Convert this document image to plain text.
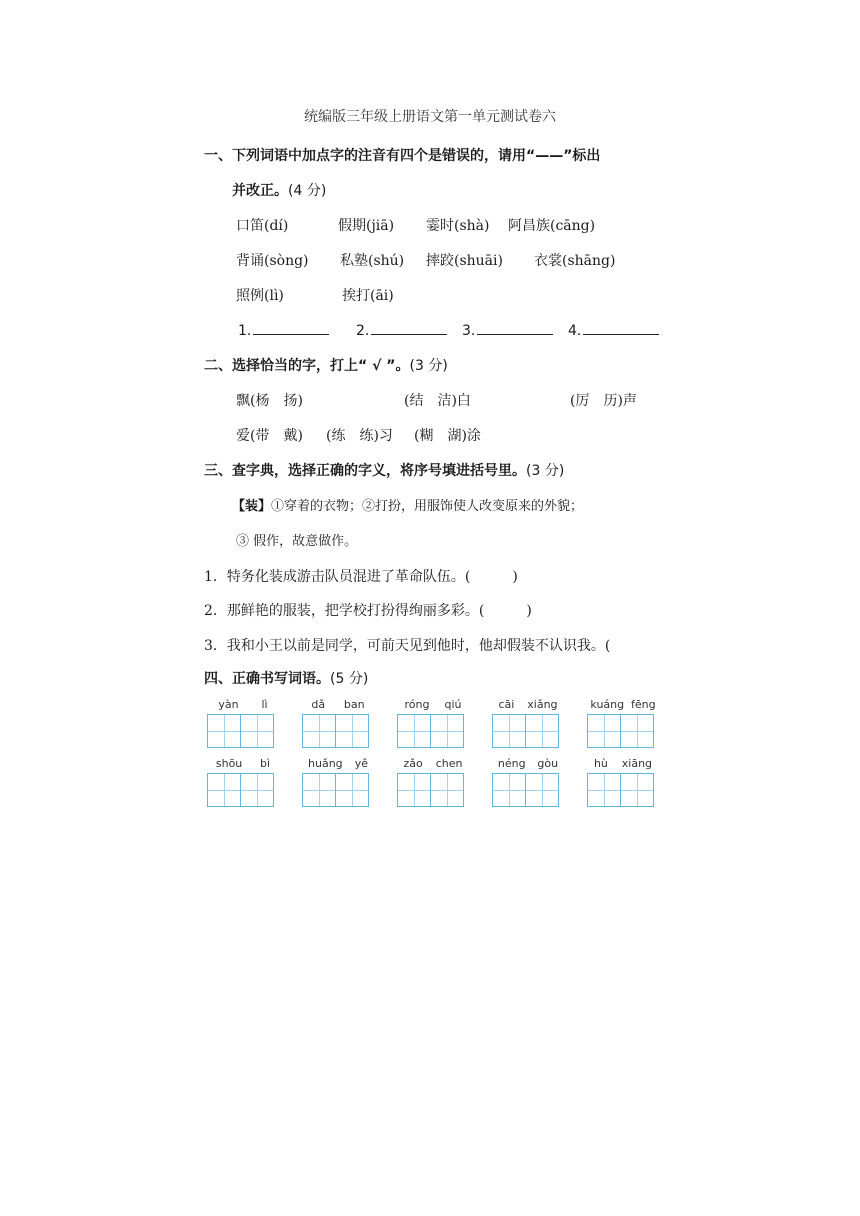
统编版三年级上册语文第一单元测试卷六
一、下列词语中加点字的注音有四个是错误的，请用“——”标出
并改正。(4 分)
口笛(dí)	假期(jiā) 霎时(shà) 阿昌族(cāng)
背诵(sòng) 私塾(shú) 摔跤(shuāi) 衣裳(shāng)
照例(lì)	挨打(āi)
1.	2.	3.	4.
二、选择恰当的字，打上“ √ ”。(3 分)
飘(杨　扬)	(结　洁)白	(厉　历)声
爱(带　戴) (练　练)习 (糊　湖)涂
三、查字典，选择正确的字义，将序号填进括号里。(3 分)
【装】①穿着的衣物；②打扮，用服饰使人改变原来的外貌；
③ 假作，故意做作。
1．特务化装成游击队员混进了革命队伍。(　　　)
2．那鲜艳的服装，把学校打扮得绚丽多彩。(　　　)
3．我和小王以前是同学，可前天见到他时，他却假装不认识我。(
四、正确书写词语。(5 分)
yàn lì	dǎ ban	róng qiú	cāi xiǎng	kuáng fēng
shōu bì	huǎng yě	zǎo chen	néng gòu	hù xiāng
